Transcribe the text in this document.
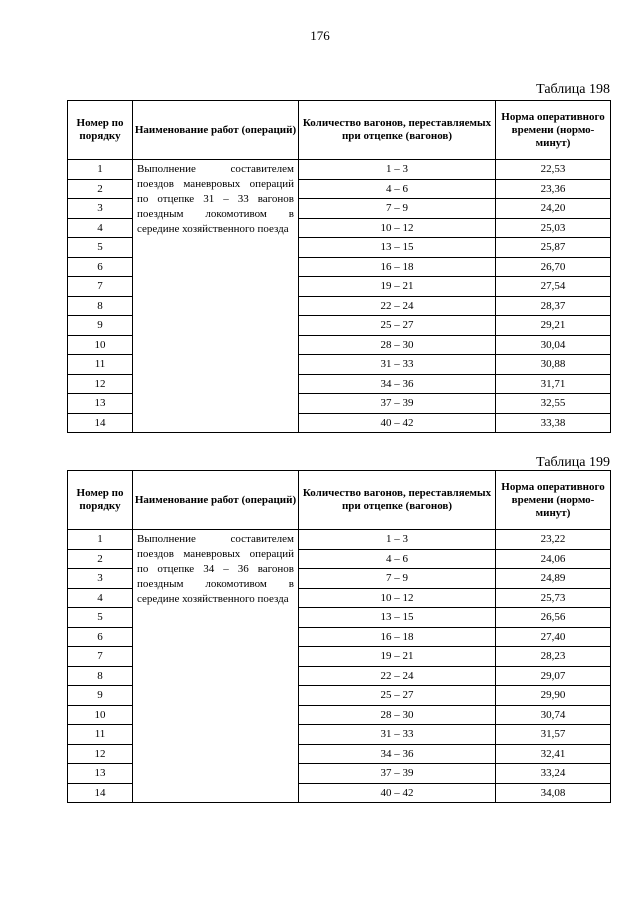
176
Таблица 198
Номер по порядку	Наименование работ (операций)	Количество вагонов, переставляемых при отцепке (вагонов)	Норма оперативного времени (нормо-минут)
1	Выполнение составителем поездов маневровых операций по отцепке 31 – 33 вагонов поездным локомотивом в середине хозяйственного поезда	1 – 3	22,53
2		4 – 6	23,36
3		7 – 9	24,20
4		10 – 12	25,03
5		13 – 15	25,87
6		16 – 18	26,70
7		19 – 21	27,54
8		22 – 24	28,37
9		25 – 27	29,21
10		28 – 30	30,04
11		31 – 33	30,88
12		34 – 36	31,71
13		37 – 39	32,55
14		40 – 42	33,38
Таблица 199
Номер по порядку	Наименование работ (операций)	Количество вагонов, переставляемых при отцепке (вагонов)	Норма оперативного времени (нормо-минут)
1	Выполнение составителем поездов маневровых операций по отцепке 34 – 36 вагонов поездным локомотивом в середине хозяйственного поезда	1 – 3	23,22
2		4 – 6	24,06
3		7 – 9	24,89
4		10 – 12	25,73
5		13 – 15	26,56
6		16 – 18	27,40
7		19 – 21	28,23
8		22 – 24	29,07
9		25 – 27	29,90
10		28 – 30	30,74
11		31 – 33	31,57
12		34 – 36	32,41
13		37 – 39	33,24
14		40 – 42	34,08
